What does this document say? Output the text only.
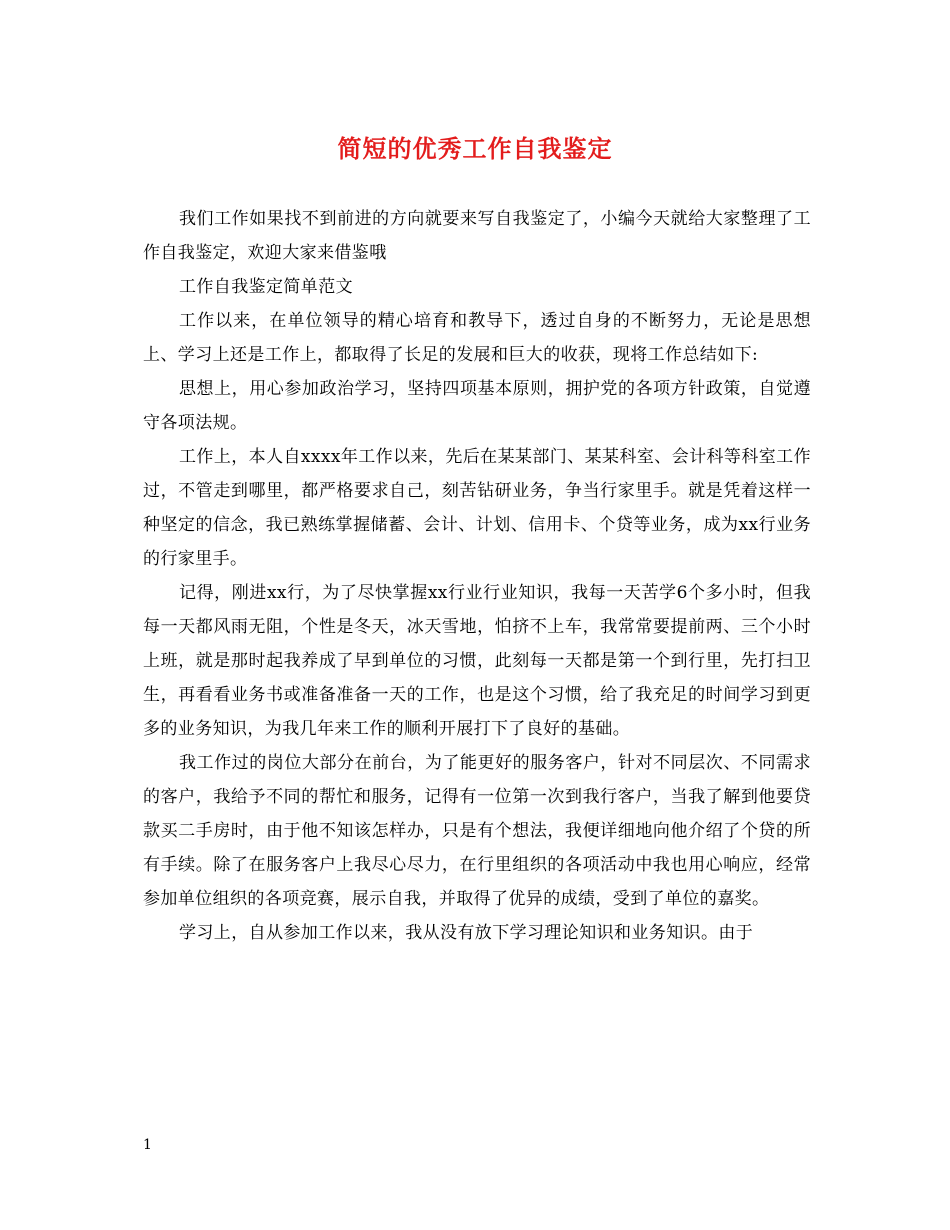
简短的优秀工作自我鉴定

我们工作如果找不到前进的方向就要来写自我鉴定了，小编今天就给大家整理了工作自我鉴定，欢迎大家来借鉴哦

工作自我鉴定简单范文

工作以来，在单位领导的精心培育和教导下，透过自身的不断努力，无论是思想上、学习上还是工作上，都取得了长足的发展和巨大的收获，现将工作总结如下:

思想上，用心参加政治学习，坚持四项基本原则，拥护党的各项方针政策，自觉遵守各项法规。

工作上，本人自xxxx年工作以来，先后在某某部门、某某科室、会计科等科室工作过，不管走到哪里，都严格要求自己，刻苦钻研业务，争当行家里手。就是凭着这样一种坚定的信念，我已熟练掌握储蓄、会计、计划、信用卡、个贷等业务，成为xx行业务的行家里手。

记得，刚进xx行，为了尽快掌握xx行业行业知识，我每一天苦学6个多小时，但我每一天都风雨无阻，个性是冬天，冰天雪地，怕挤不上车，我常常要提前两、三个小时上班，就是那时起我养成了早到单位的习惯，此刻每一天都是第一个到行里，先打扫卫生，再看看业务书或准备准备一天的工作，也是这个习惯，给了我充足的时间学习到更多的业务知识，为我几年来工作的顺利开展打下了良好的基础。

我工作过的岗位大部分在前台，为了能更好的服务客户，针对不同层次、不同需求的客户，我给予不同的帮忙和服务，记得有一位第一次到我行客户，当我了解到他要贷款买二手房时，由于他不知该怎样办，只是有个想法，我便详细地向他介绍了个贷的所有手续。除了在服务客户上我尽心尽力，在行里组织的各项活动中我也用心响应，经常参加单位组织的各项竞赛，展示自我，并取得了优异的成绩，受到了单位的嘉奖。

学习上，自从参加工作以来，我从没有放下学习理论知识和业务知识。由于

1
